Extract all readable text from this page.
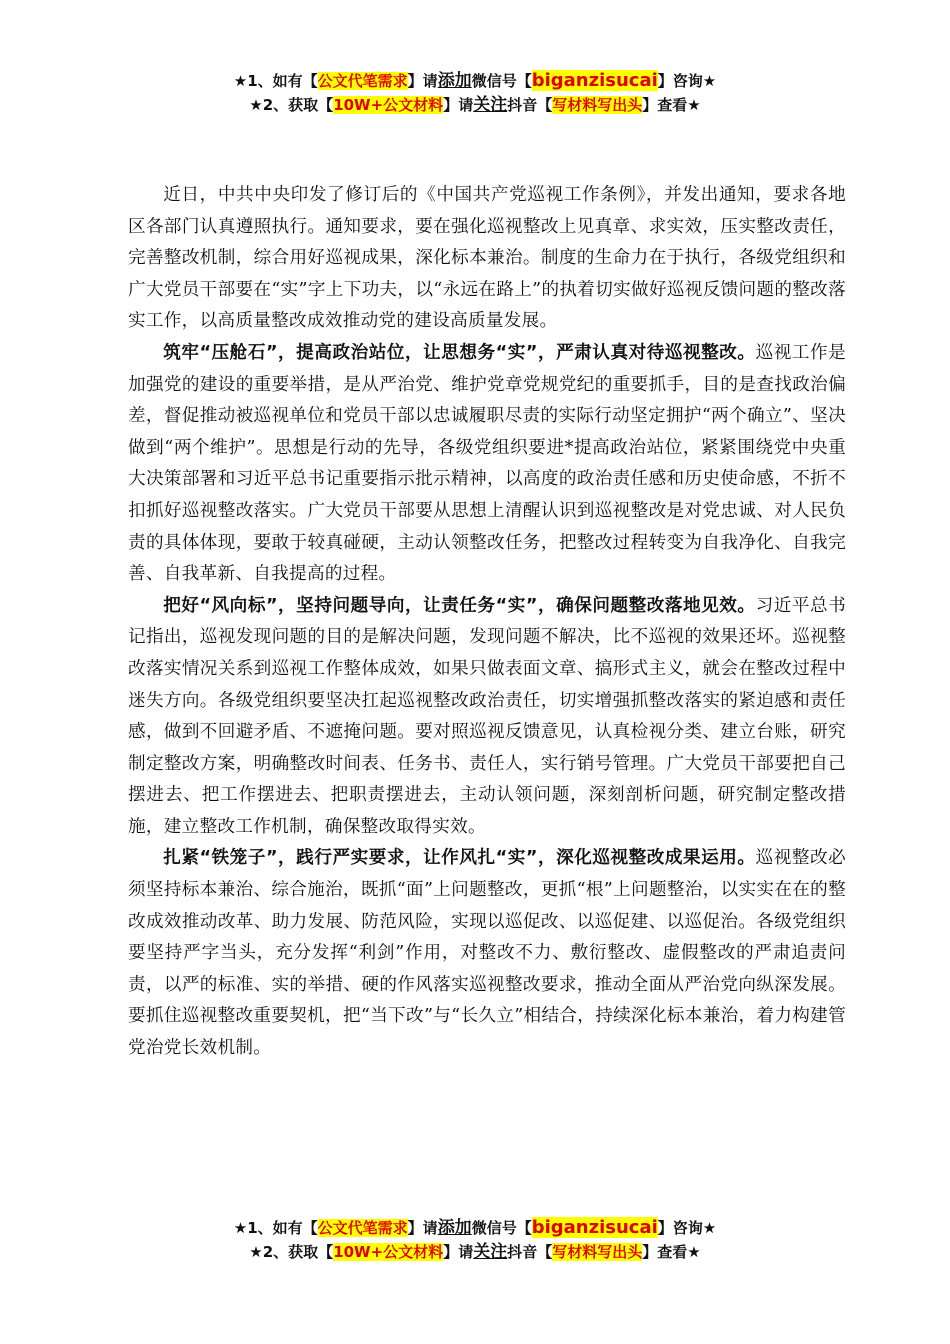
★1、如有【公文代笔需求】请添加微信号【biganzisucai】咨询★
★2、获取【10W+公文材料】请关注抖音【写材料写出头】查看★

近日，中共中央印发了修订后的《中国共产党巡视工作条例》，并发出通知，要求各地区各部门认真遵照执行。通知要求，要在强化巡视整改上见真章、求实效，压实整改责任，完善整改机制，综合用好巡视成果，深化标本兼治。制度的生命力在于执行，各级党组织和广大党员干部要在“实”字上下功夫，以“永远在路上”的执着切实做好巡视反馈问题的整改落实工作，以高质量整改成效推动党的建设高质量发展。

筑牢“压舱石”，提高政治站位，让思想务“实”，严肃认真对待巡视整改。巡视工作是加强党的建设的重要举措，是从严治党、维护党章党规党纪的重要抓手，目的是查找政治偏差，督促推动被巡视单位和党员干部以忠诚履职尽责的实际行动坚定拥护“两个确立”、坚决做到“两个维护”。思想是行动的先导，各级党组织要进*提高政治站位，紧紧围绕党中央重大决策部署和习近平总书记重要指示批示精神，以高度的政治责任感和历史使命感，不折不扣抓好巡视整改落实。广大党员干部要从思想上清醒认识到巡视整改是对党忠诚、对人民负责的具体体现，要敢于较真碰硬，主动认领整改任务，把整改过程转变为自我净化、自我完善、自我革新、自我提高的过程。

把好“风向标”，坚持问题导向，让责任务“实”，确保问题整改落地见效。习近平总书记指出，巡视发现问题的目的是解决问题，发现问题不解决，比不巡视的效果还坏。巡视整改落实情况关系到巡视工作整体成效，如果只做表面文章、搞形式主义，就会在整改过程中迷失方向。各级党组织要坚决扛起巡视整改政治责任，切实增强抓整改落实的紧迫感和责任感，做到不回避矛盾、不遮掩问题。要对照巡视反馈意见，认真检视分类、建立台账，研究制定整改方案，明确整改时间表、任务书、责任人，实行销号管理。广大党员干部要把自己摆进去、把工作摆进去、把职责摆进去，主动认领问题，深刻剖析问题，研究制定整改措施，建立整改工作机制，确保整改取得实效。

扎紧“铁笼子”，践行严实要求，让作风扎“实”，深化巡视整改成果运用。巡视整改必须坚持标本兼治、综合施治，既抓“面”上问题整改，更抓“根”上问题整治，以实实在在的整改成效推动改革、助力发展、防范风险，实现以巡促改、以巡促建、以巡促治。各级党组织要坚持严字当头，充分发挥“利剑”作用，对整改不力、敷衍整改、虚假整改的严肃追责问责，以严的标准、实的举措、硬的作风落实巡视整改要求，推动全面从严治党向纵深发展。要抓住巡视整改重要契机，把“当下改”与“长久立”相结合，持续深化标本兼治，着力构建管党治党长效机制。

★1、如有【公文代笔需求】请添加微信号【biganzisucai】咨询★
★2、获取【10W+公文材料】请关注抖音【写材料写出头】查看★
